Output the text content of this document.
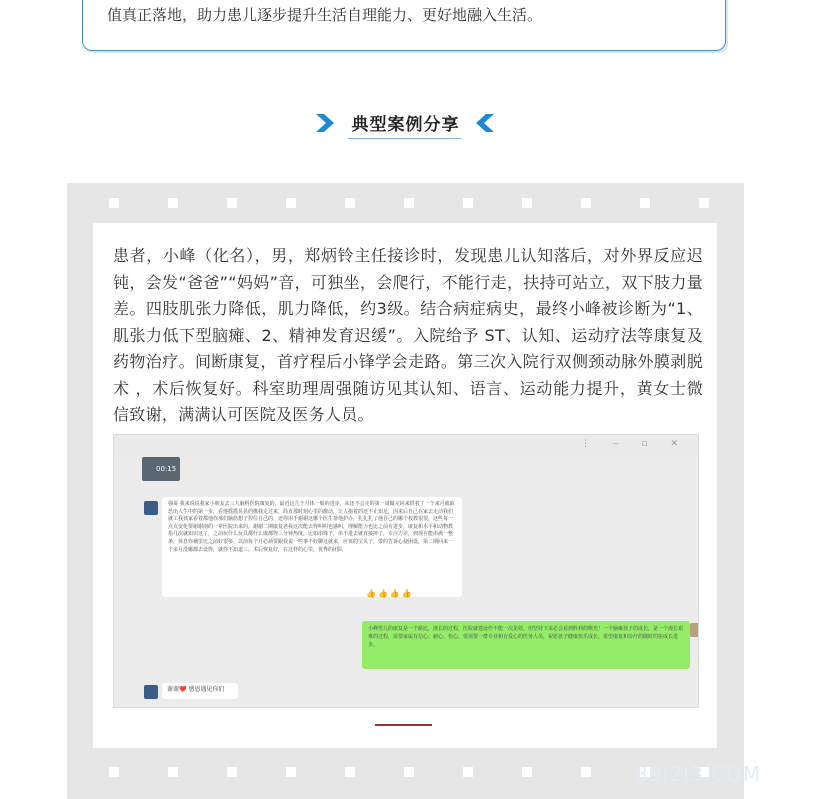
值真正落地，助力患儿逐步提升生活自理能力、更好地融入生活。
典型案例分享
患者，小峰（化名），男，郑炳铃主任接诊时，发现患儿认知落后，对外界反应迟钝，会发“爸爸”“妈妈”音，可独坐，会爬行，不能行走，扶持可站立，双下肢力量差。四肢肌张力降低，肌力降低，约3级。结合病症病史，最终小峰被诊断为“1、肌张力低下型脑瘫、2、精神发育迟缓”。入院给予 ST、认知、运动疗法等康复及药物治疗。间断康复，首疗程后小锋学会走路。第三次入院行双侧颈动脉外膜剥脱术 ，术后恢复好。科室助理周强随访见其认知、语言、运动能力提升，黄女士微信致谢，满满认可医院及医务人员。
⋮ ‒ ▫ ✕
00:15
强哥 我来说说我家小朋友去三九脑科医院康复的，最近这几个月体一般的进步，从还不会走的第一周做完回来供着了一个来月就取恐出人生中的第一步，看他摇摇晃晃的像我走过来，简直那时刻心里的激动，让人抱着的还不止知足，因来后自己在家去走动我们就工我孩家看着都他你那们脑筋想子控住自己的，还你用手谢谢这哪个医生帮他护办，扎扎扎了他自己的哪个校教很很，这些每一点点变化要谢谢南的一辈医院出来的，谢谢二期康复老我这次能去得叫叫也感叫，理解能力也比之前有进步，康复和水平和动物教指几次就知识这了，之前玩什么玩具都什么康都得三分钟热度，比如串珠子，串不进去就直接摔了，专注力差，到现在能串满一整条，休息你桶里比之前好很多，以前每个月必须要跟我说一些事不好聊这就来，应该的宝贝子，带的告诉心使困设，第二期回来一个多月没哪都去设得，就你不知道三，术后恢复好，在这样的心里，优秀的团队
👍👍👍👍
小峰男儿的康复是一个路比，漫长的过程，医院就建设作不能一次见效，但坚持下来必会看到胜利的曙光！一个脑瘫孩子的成长，是一个漫长艰难的过程，需要家属有信心、耐心、恒心，要需要一群专业和有爱心的医务人员，祝愿孩子健康快乐成长，希望康复和诊疗的随时的宿成长进步。
谢谢❤️ 感恩遇见你们
89I2I3.COM
